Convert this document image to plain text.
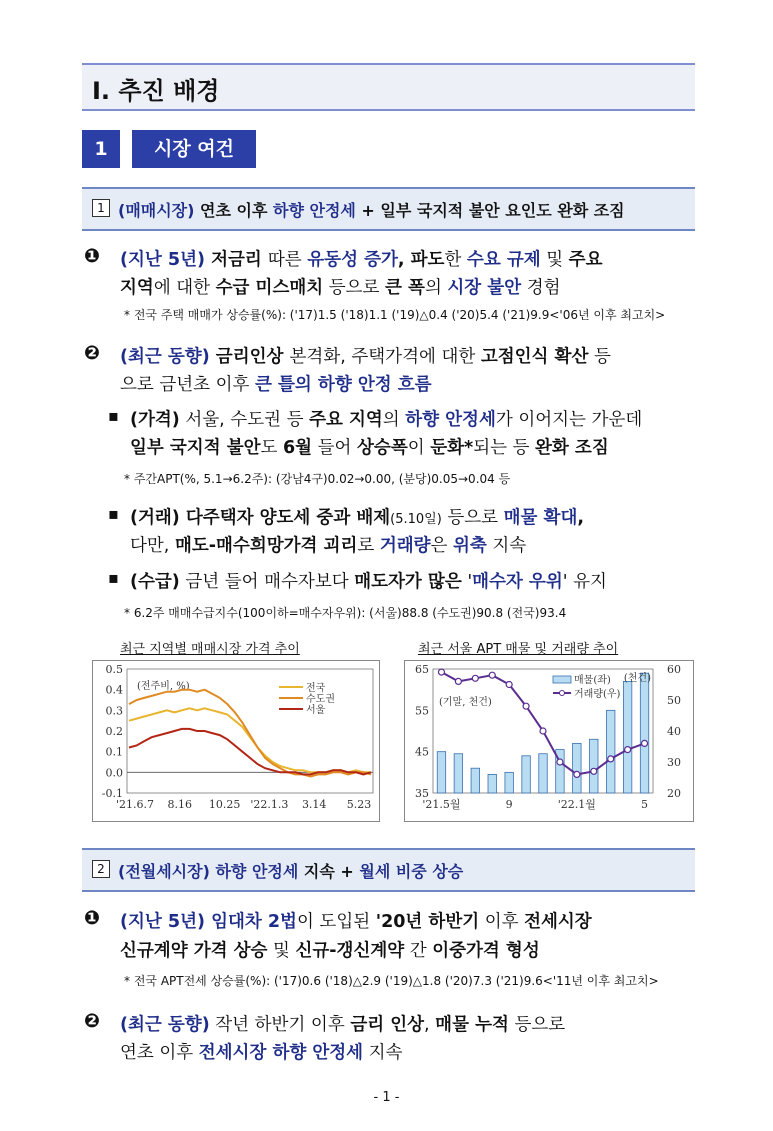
Ⅰ. 추진 배경
1	시장 여건
1 (매매시장) 연초 이후 하향 안정세 + 일부 국지적 불안 요인도 완화 조짐
❶ (지난 5년) 저금리 따른 유동성 증가, 파도한 수요 규제 및 주요
지역에 대한 수급 미스매치 등으로 큰 폭의 시장 불안 경험
* 전국 주택 매매가 상승률(%): ('17)1.5 ('18)1.1 ('19)△0.4 ('20)5.4 ('21)9.9<'06년 이후 최고치>
❷ (최근 동향) 금리인상 본격화, 주택가격에 대한 고점인식 확산 등
으로 금년초 이후 큰 틀의 하향 안정 흐름
▪ (가격) 서울, 수도권 등 주요 지역의 하향 안정세가 이어지는 가운데
일부 국지적 불안도 6월 들어 상승폭이 둔화*되는 등 완화 조짐
* 주간APT(%, 5.1→6.2주): (강남4구)0.02→0.00, (분당)0.05→0.04 등
▪ (거래) 다주택자 양도세 중과 배제(5.10일) 등으로 매물 확대,
다만, 매도-매수희망가격 괴리로 거래량은 위축 지속
▪ (수급) 금년 들어 매수자보다 매도자가 많은 '매수자 우위' 유지
* 6.2주 매매수급지수(100이하=매수자우위): (서울)88.8 (수도권)90.8 (전국)93.4
최근 지역별 매매시장 가격 추이
0.5
0.4
0.3
0.2
0.1
0.0
-0.1
'21.6.7 8.16 10.25 '22.1.3 3.14 5.23
(전주비, %)	전국
수도권
서울
최근 서울 APT 매물 및 거래량 추이
65
55
45
35
60
50
40
30
20
'21.5월	9	'22.1월	5
(기말, 천건)
(천건)
매물(좌)
거래량(우)
2 (전월세시장) 하향 안정세 지속 + 월세 비중 상승
❶ (지난 5년) 임대차 2법이 도입된 '20년 하반기 이후 전세시장
신규계약 가격 상승 및 신규-갱신계약 간 이중가격 형성
* 전국 APT전세 상승률(%): ('17)0.6 ('18)△2.9 ('19)△1.8 ('20)7.3 ('21)9.6<'11년 이후 최고치>
❷ (최근 동향) 작년 하반기 이후 금리 인상, 매물 누적 등으로
연초 이후 전세시장 하향 안정세 지속
- 1 -
